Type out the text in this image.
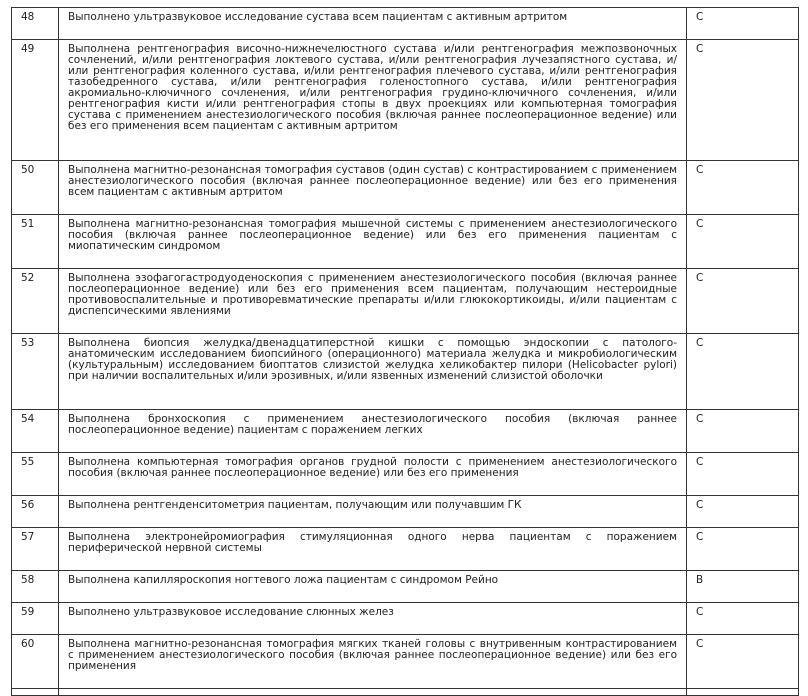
48	Выполнено ультразвуковое исследование сустава всем пациентам с активным артритом	C
49	Выполнена рентгенография височно-нижнечелюстного сустава и/или рентгенография межпозвоночных сочленений, и/или рентгенография локтевого сустава, и/или рентгенография лучезапястного сустава, и/или рентгенография коленного сустава, и/или рентгенография плечевого сустава, и/или рентгенография тазобедренного сустава, и/или рентгенография голеностопного сустава, и/или рентгенография акромиально-ключичного сочленения, и/или рентгенография грудино-ключичного сочленения, и/или рентгенография кисти и/или рентгенография стопы в двух проекциях или компьютерная томография сустава с применением анестезиологического пособия (включая раннее послеоперационное ведение) или без его применения всем пациентам с активным артритом	C
50	Выполнена магнитно-резонансная томография суставов (один сустав) с контрастированием с применением анестезиологического пособия (включая раннее послеоперационное ведение) или без его применения всем пациентам с активным артритом	C
51	Выполнена магнитно-резонансная томография мышечной системы с применением анестезиологического пособия (включая раннее послеоперационное ведение) или без его применения пациентам с миопатическим синдромом	C
52	Выполнена эзофагогастродуоденоскопия с применением анестезиологического пособия (включая раннее послеоперационное ведение) или без его применения всем пациентам, получающим нестероидные противовоспалительные и противоревматические препараты и/или глюкокортикоиды, и/или пациентам с диспепсическими явлениями	C
53	Выполнена биопсия желудка/двенадцатиперстной кишки с помощью эндоскопии с патолого-анатомическим исследованием биопсийного (операционного) материала желудка и микробиологическим (культуральным) исследованием биоптатов слизистой желудка хеликобактер пилори (Helicobacter pylori) при наличии воспалительных и/или эрозивных, и/или язвенных изменений слизистой оболочки	C
54	Выполнена бронхоскопия с применением анестезиологического пособия (включая раннее послеоперационное ведение) пациентам с поражением легких	C
55	Выполнена компьютерная томография органов грудной полости с применением анестезиологического пособия (включая раннее послеоперационное ведение) или без его применения	C
56	Выполнена рентгенденситометрия пациентам, получающим или получавшим ГК	C
57	Выполнена электронейромиография стимуляционная одного нерва пациентам с поражением периферической нервной системы	C
58	Выполнена капилляроскопия ногтевого ложа пациентам с синдромом Рейно	B
59	Выполнено ультразвуковое исследование слюнных желез	C
60	Выполнена магнитно-резонансная томография мягких тканей головы с внутривенным контрастированием с применением анестезиологического пособия (включая раннее послеоперационное ведение) или без его применения	C
